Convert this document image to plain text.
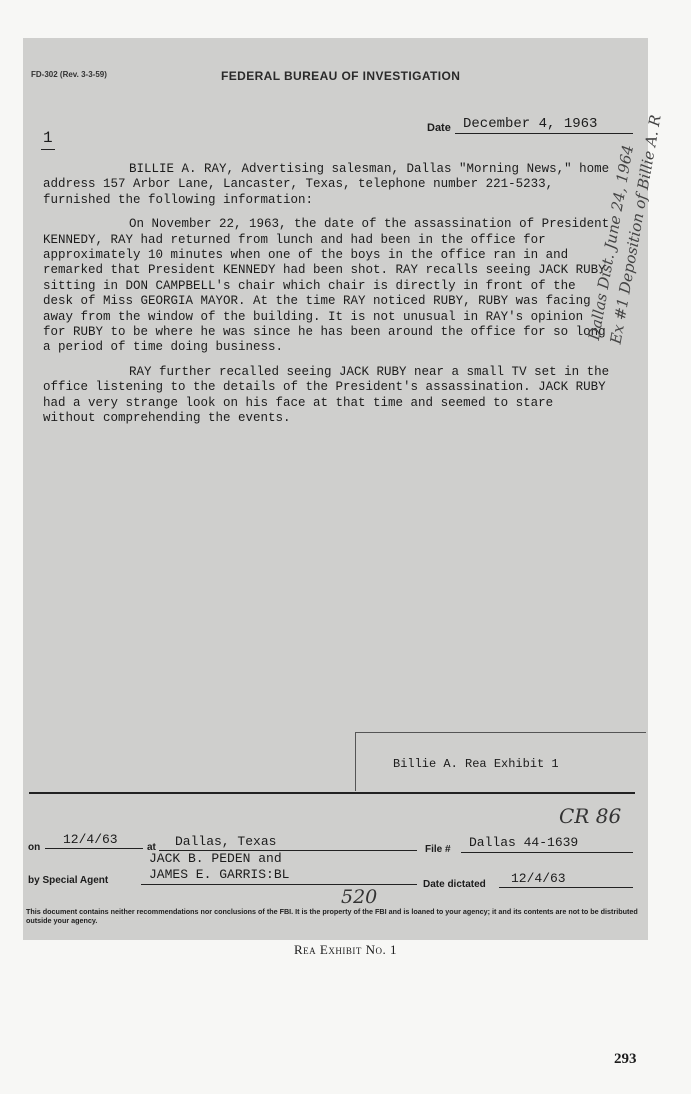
FD-302 (Rev. 3-3-59)	FEDERAL BUREAU OF INVESTIGATION
1
Date December 4, 1963

BILLIE A. RAY, Advertising salesman, Dallas "Morning News," home address 157 Arbor Lane, Lancaster, Texas, telephone number 221-5233, furnished the following information:

On November 22, 1963, the date of the assassination of President KENNEDY, RAY had returned from lunch and had been in the office for approximately 10 minutes when one of the boys in the office ran in and remarked that President KENNEDY had been shot. RAY recalls seeing JACK RUBY sitting in DON CAMPBELL's chair which chair is directly in front of the desk of Miss GEORGIA MAYOR. At the time RAY noticed RUBY, RUBY was facing away from the window of the building. It is not unusual in RAY's opinion for RUBY to be where he was since he has been around the office for so long a period of time doing business.

RAY further recalled seeing JACK RUBY near a small TV set in the office listening to the details of the President's assassination. JACK RUBY had a very strange look on his face at that time and seemed to stare without comprehending the events.

Dallas Dist. June 24, 1964
Ex #1 Deposition of Billie A. R
Billie A. Rea Exhibit 1
CR 86
on
12/4/63
at Dallas, Texas
File # Dallas 44-1639
JACK B. PEDEN and
JAMES E. GARRIS:BL
by Special Agent	Date dictated 12/4/63
520
This document contains neither recommendations nor conclusions of the FBI. It is the property of the FBI and is loaned to your agency; it and its contents are not to be distributed outside your agency.
Rea Exhibit No. 1
293
